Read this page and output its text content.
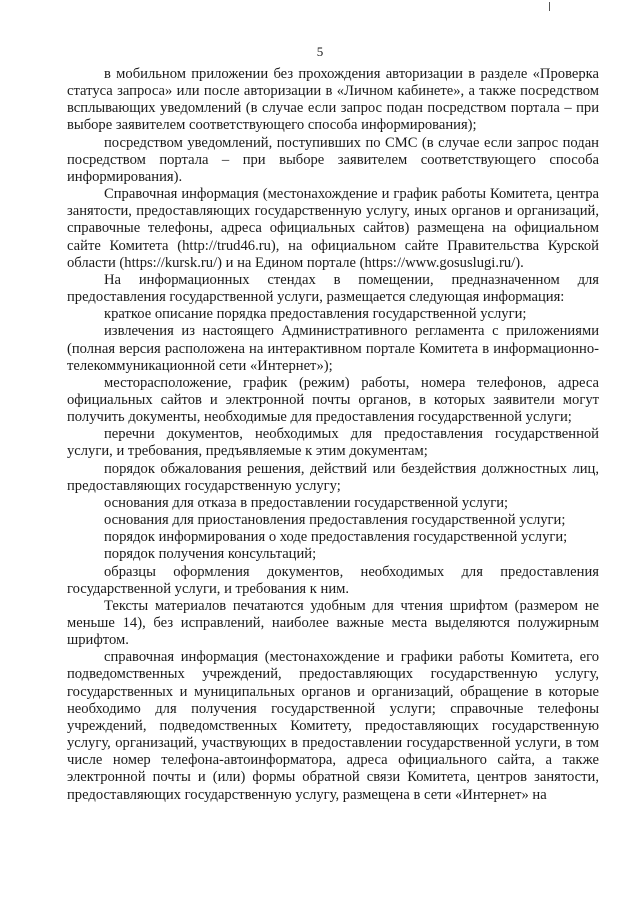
5

в мобильном приложении без прохождения авторизации в разделе «Проверка статуса запроса» или после авторизации в «Личном кабинете», а также посредством всплывающих уведомлений (в случае если запрос подан посредством портала – при выборе заявителем соответствующего способа информирования);

посредством уведомлений, поступивших по СМС (в случае если запрос подан посредством портала – при выборе заявителем соответствующего способа информирования).

Справочная информация (местонахождение и график работы Комитета, центра занятости, предоставляющих государственную услугу, иных органов и организаций, справочные телефоны, адреса официальных сайтов) размещена на официальном сайте Комитета (http://trud46.ru), на официальном сайте Правительства Курской области (https://kursk.ru/) и на Едином портале (https://www.gosuslugi.ru/).

На информационных стендах в помещении, предназначенном для предоставления государственной услуги, размещается следующая информация:

краткое описание порядка предоставления государственной услуги;

извлечения из настоящего Административного регламента с приложениями (полная версия расположена на интерактивном портале Комитета в информационно-телекоммуникационной сети «Интернет»);

месторасположение, график (режим) работы, номера телефонов, адреса официальных сайтов и электронной почты органов, в которых заявители могут получить документы, необходимые для предоставления государственной услуги;

перечни документов, необходимых для предоставления государственной услуги, и требования, предъявляемые к этим документам;

порядок обжалования решения, действий или бездействия должностных лиц, предоставляющих государственную услугу;

основания для отказа в предоставлении государственной услуги;

основания для приостановления предоставления государственной услуги;

порядок информирования о ходе предоставления государственной услуги;

порядок получения консультаций;

образцы оформления документов, необходимых для предоставления государственной услуги, и требования к ним.

Тексты материалов печатаются удобным для чтения шрифтом (размером не меньше 14), без исправлений, наиболее важные места выделяются полужирным шрифтом.

справочная информация (местонахождение и графики работы Комитета, его подведомственных учреждений, предоставляющих государственную услугу, государственных и муниципальных органов и организаций, обращение в которые необходимо для получения государственной услуги; справочные телефоны учреждений, подведомственных Комитету, предоставляющих государственную услугу, организаций, участвующих в предоставлении государственной услуги, в том числе номер телефона-автоинформатора, адреса официального сайта, а также электронной почты и (или) формы обратной связи Комитета, центров занятости, предоставляющих государственную услугу, размещена в сети «Интернет» на
